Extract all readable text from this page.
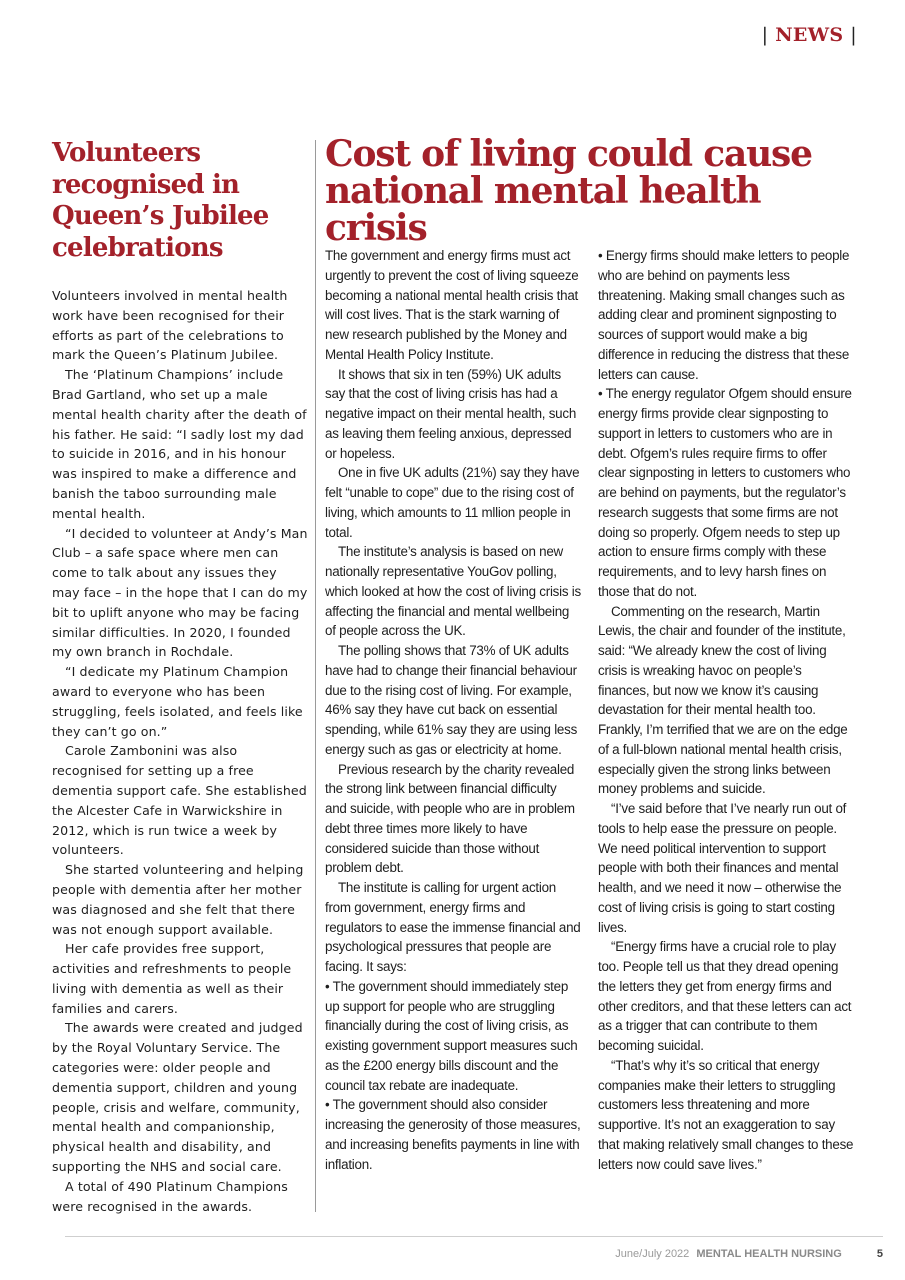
| NEWS |
Volunteers recognised in Queen’s Jubilee celebrations

Volunteers involved in mental health work have been recognised for their efforts as part of the celebrations to mark the Queen’s Platinum Jubilee.

The ‘Platinum Champions’ include Brad Gartland, who set up a male mental health charity after the death of his father. He said: “I sadly lost my dad to suicide in 2016, and in his honour was inspired to make a difference and banish the taboo surrounding male mental health.

“I decided to volunteer at Andy’s Man Club – a safe space where men can come to talk about any issues they may face – in the hope that I can do my bit to uplift anyone who may be facing similar difficulties. In 2020, I founded my own branch in Rochdale.

“I dedicate my Platinum Champion award to everyone who has been struggling, feels isolated, and feels like they can’t go on.”

Carole Zambonini was also recognised for setting up a free dementia support cafe. She established the Alcester Cafe in Warwickshire in 2012, which is run twice a week by volunteers.

She started volunteering and helping people with dementia after her mother was diagnosed and she felt that there was not enough support available.

Her cafe provides free support, activities and refreshments to people living with dementia as well as their families and carers.

The awards were created and judged by the Royal Voluntary Service. The categories were: older people and dementia support, children and young people, crisis and welfare, community, mental health and companionship, physical health and disability, and supporting the NHS and social care.

A total of 490 Platinum Champions were recognised in the awards.

Cost of living could cause national mental health crisis

The government and energy firms must act urgently to prevent the cost of living squeeze becoming a national mental health crisis that will cost lives. That is the stark warning of new research published by the Money and Mental Health Policy Institute.

It shows that six in ten (59%) UK adults say that the cost of living crisis has had a negative impact on their mental health, such as leaving them feeling anxious, depressed or hopeless.

One in five UK adults (21%) say they have felt “unable to cope” due to the rising cost of living, which amounts to 11 mllion people in total.

The institute’s analysis is based on new nationally representative YouGov polling, which looked at how the cost of living crisis is affecting the financial and mental wellbeing of people across the UK.

The polling shows that 73% of UK adults have had to change their financial behaviour due to the rising cost of living. For example, 46% say they have cut back on essential spending, while 61% say they are using less energy such as gas or electricity at home.

Previous research by the charity revealed the strong link between financial difficulty and suicide, with people who are in problem debt three times more likely to have considered suicide than those without problem debt.

The institute is calling for urgent action from government, energy firms and regulators to ease the immense financial and psychological pressures that people are facing. It says:

• The government should immediately step up support for people who are struggling financially during the cost of living crisis, as existing government support measures such as the £200 energy bills discount and the council tax rebate are inadequate.

• The government should also consider increasing the generosity of those measures, and increasing benefits payments in line with inflation.

• Energy firms should make letters to people who are behind on payments less threatening. Making small changes such as adding clear and prominent signposting to sources of support would make a big difference in reducing the distress that these letters can cause.

• The energy regulator Ofgem should ensure energy firms provide clear signposting to support in letters to customers who are in debt. Ofgem’s rules require firms to offer clear signposting in letters to customers who are behind on payments, but the regulator’s research suggests that some firms are not doing so properly. Ofgem needs to step up action to ensure firms comply with these requirements, and to levy harsh fines on those that do not.

Commenting on the research, Martin Lewis, the chair and founder of the institute, said: “We already knew the cost of living crisis is wreaking havoc on people’s finances, but now we know it’s causing devastation for their mental health too. Frankly, I’m terrified that we are on the edge of a full-blown national mental health crisis, especially given the strong links between money problems and suicide.

“I’ve said before that I’ve nearly run out of tools to help ease the pressure on people. We need political intervention to support people with both their finances and mental health, and we need it now – otherwise the cost of living crisis is going to start costing lives.

“Energy firms have a crucial role to play too. People tell us that they dread opening the letters they get from energy firms and other creditors, and that these letters can act as a trigger that can contribute to them becoming suicidal.

“That’s why it’s so critical that energy companies make their letters to struggling customers less threatening and more supportive. It’s not an exaggeration to say that making relatively small changes to these letters now could save lives.”

June/July 2022 MENTAL HEALTH NURSING	5
